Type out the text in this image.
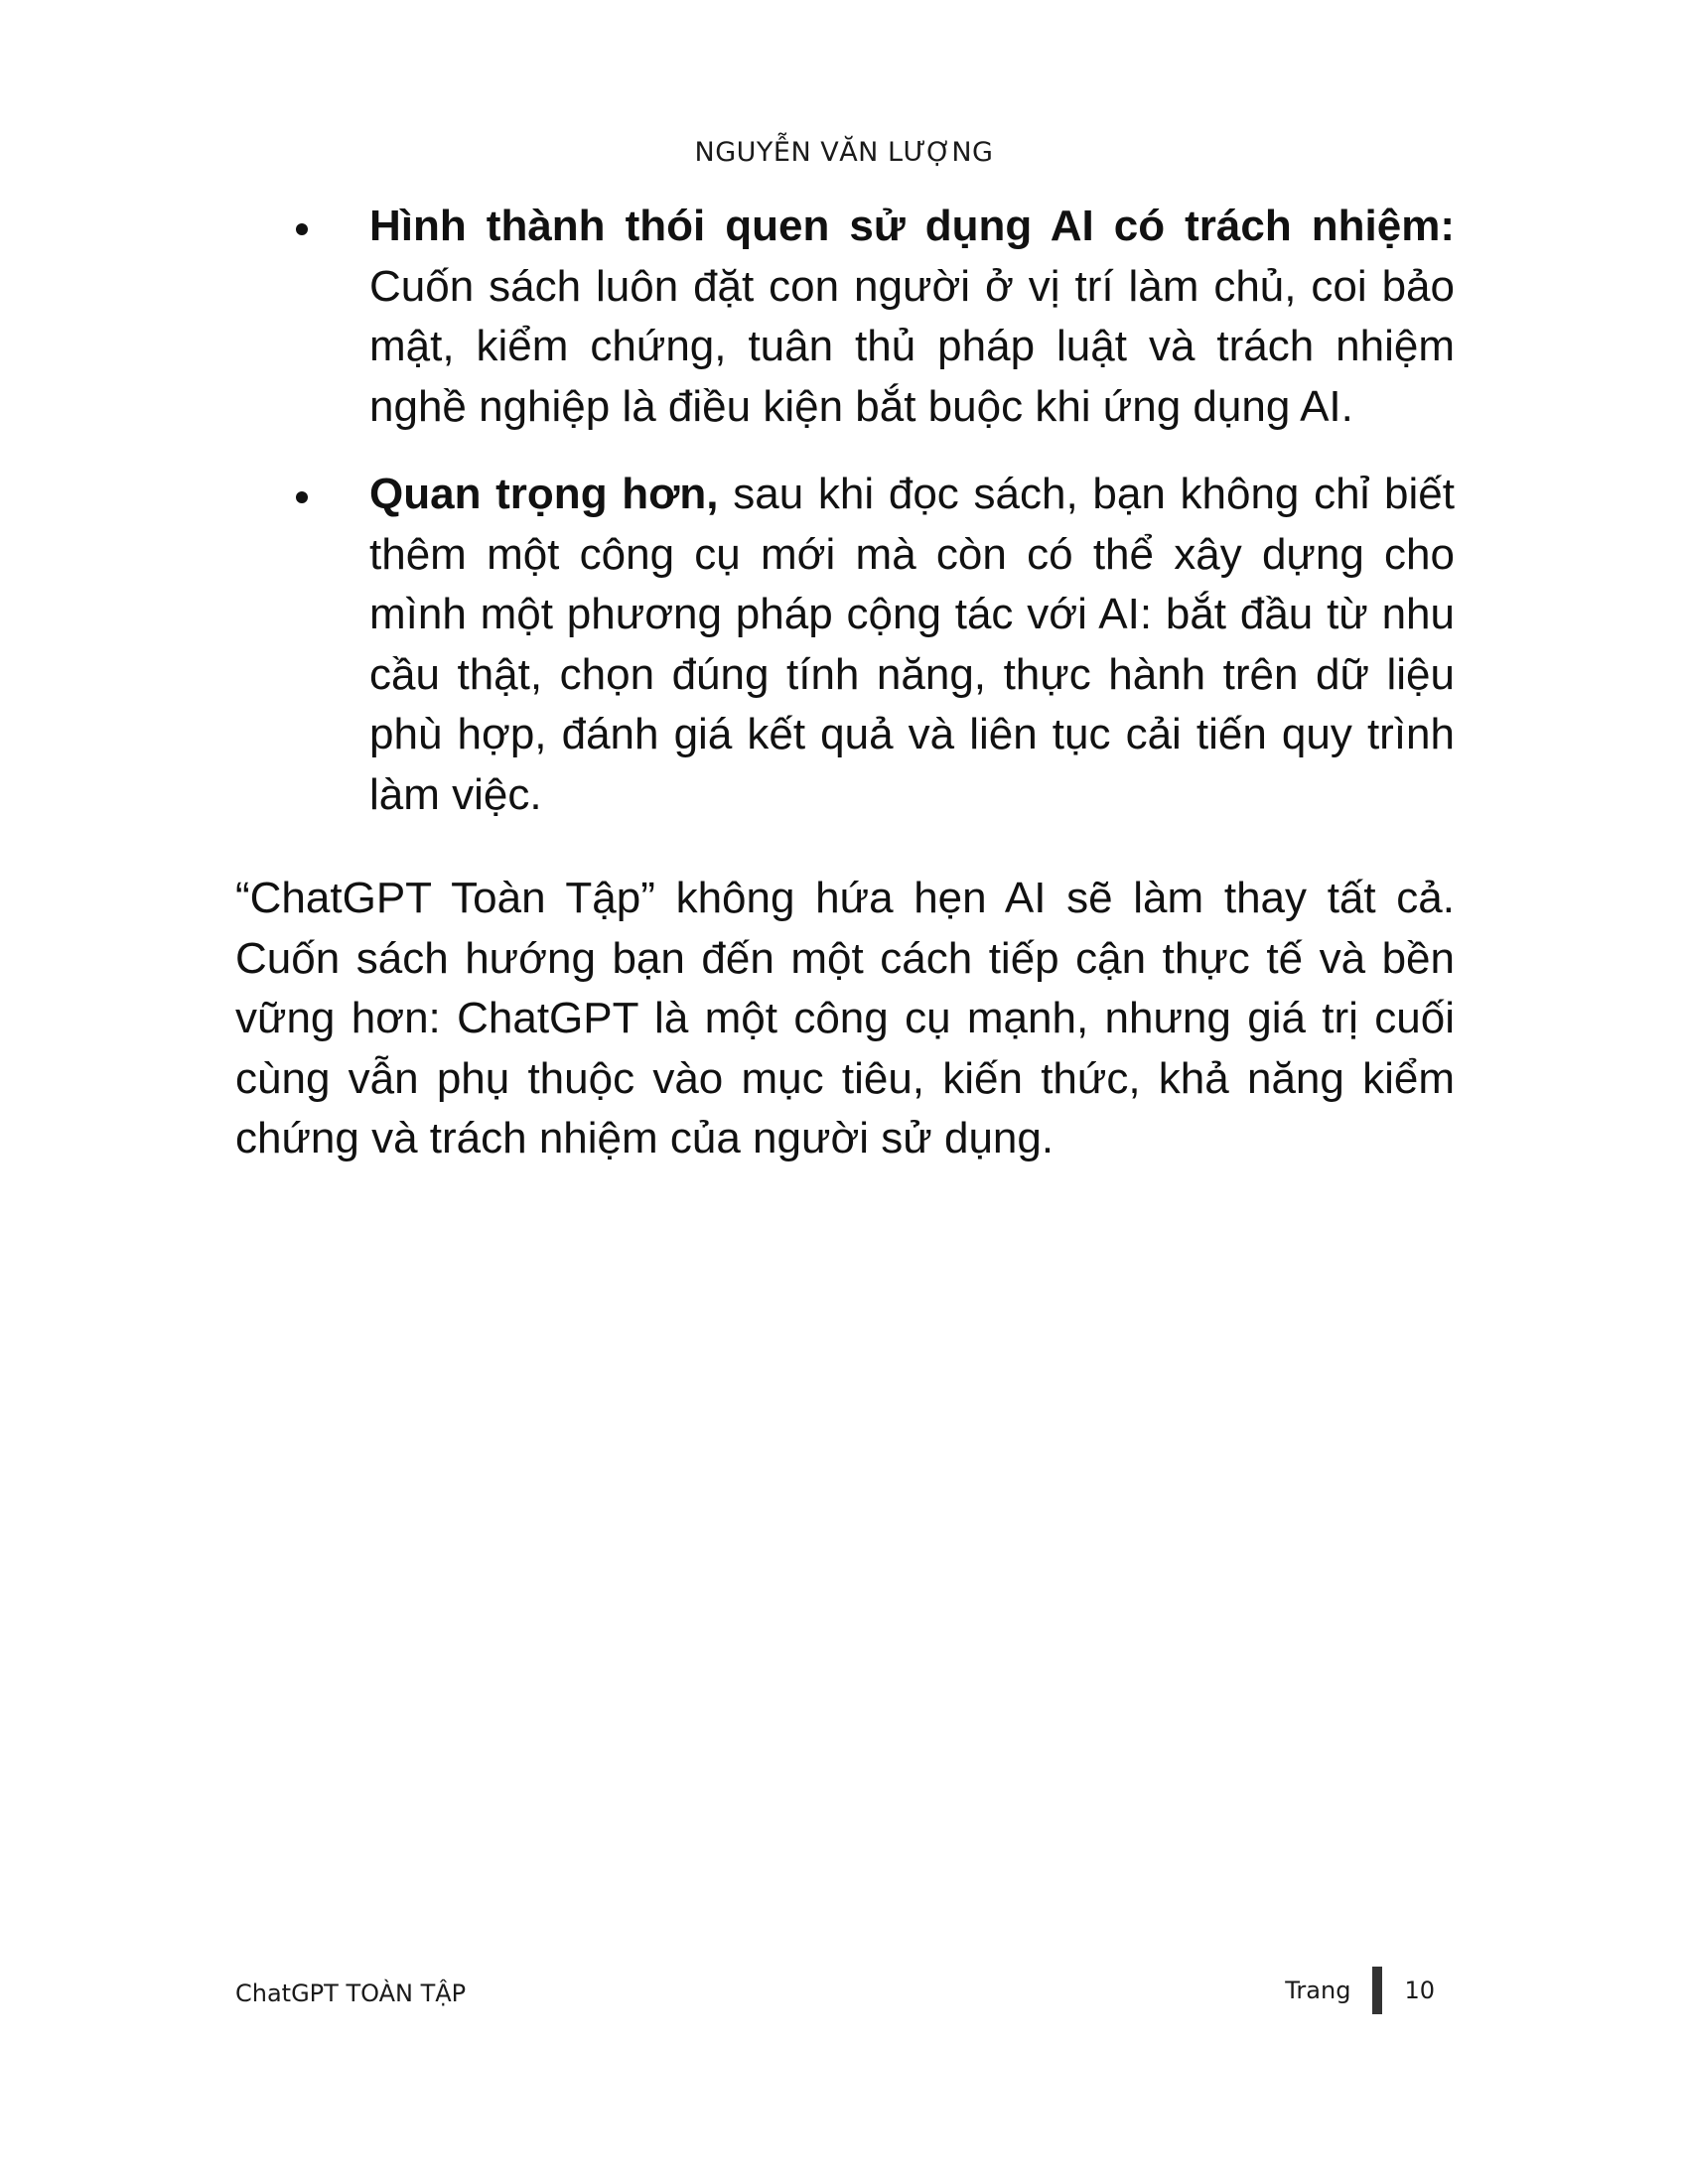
NGUYỄN VĂN LƯỢNG
Hình thành thói quen sử dụng AI có trách nhiệm: Cuốn sách luôn đặt con người ở vị trí làm chủ, coi bảo mật, kiểm chứng, tuân thủ pháp luật và trách nhiệm nghề nghiệp là điều kiện bắt buộc khi ứng dụng AI.
Quan trọng hơn, sau khi đọc sách, bạn không chỉ biết thêm một công cụ mới mà còn có thể xây dựng cho mình một phương pháp cộng tác với AI: bắt đầu từ nhu cầu thật, chọn đúng tính năng, thực hành trên dữ liệu phù hợp, đánh giá kết quả và liên tục cải tiến quy trình làm việc.
“ChatGPT Toàn Tập” không hứa hẹn AI sẽ làm thay tất cả. Cuốn sách hướng bạn đến một cách tiếp cận thực tế và bền vững hơn: ChatGPT là một công cụ mạnh, nhưng giá trị cuối cùng vẫn phụ thuộc vào mục tiêu, kiến thức, khả năng kiểm chứng và trách nhiệm của người sử dụng.
ChatGPT TOÀN TẬP	Trang 10
